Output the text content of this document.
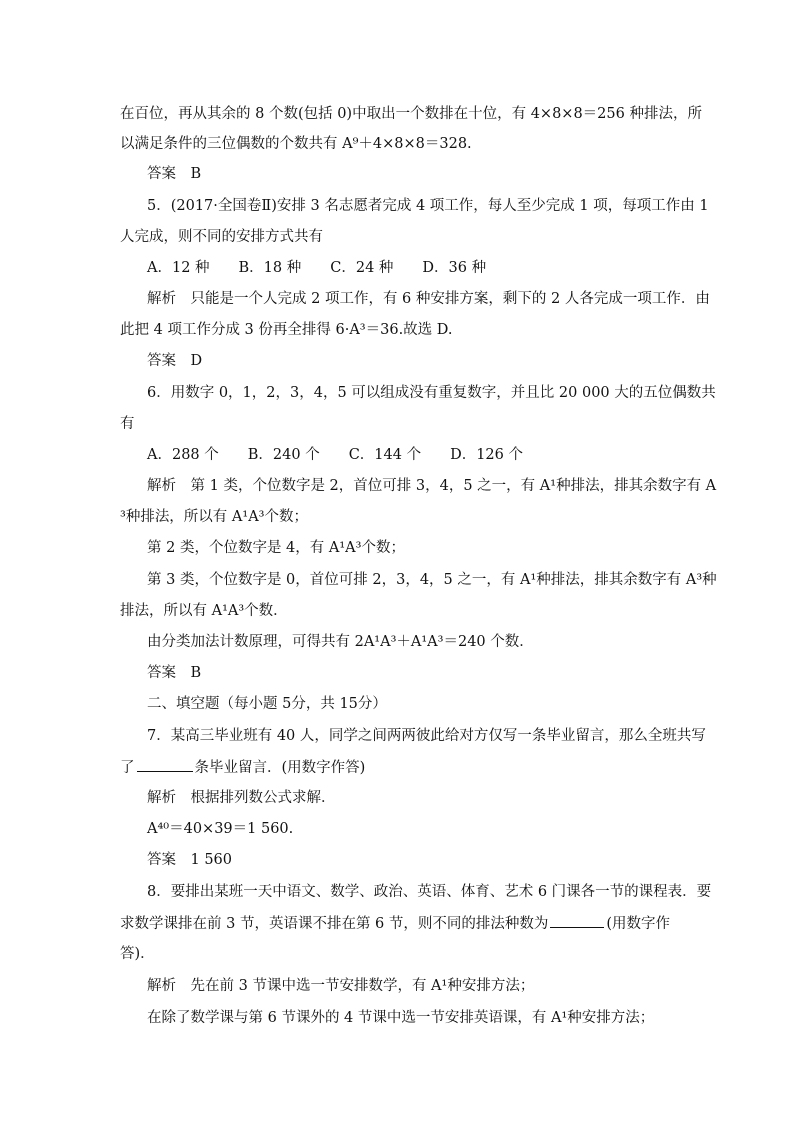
在百位，再从其余的 8 个数(包括 0)中取出一个数排在十位，有 4×8×8＝256 种排法，所
以满足条件的三位偶数的个数共有 A⁹＋4×8×8＝328.
答案　B
5．(2017·全国卷Ⅱ)安排 3 名志愿者完成 4 项工作，每人至少完成 1 项，每项工作由 1
人完成，则不同的安排方式共有
A．12 种　　B．18 种　　C．24 种　　D．36 种
解析　只能是一个人完成 2 项工作，有 6 种安排方案，剩下的 2 人各完成一项工作．由
此把 4 项工作分成 3 份再全排得 6·A³＝36.故选 D.
答案　D
6．用数字 0，1，2，3，4，5 可以组成没有重复数字，并且比 20 000 大的五位偶数共
有
A．288 个　　B．240 个　　C．144 个　　D．126 个
解析　第 1 类，个位数字是 2，首位可排 3，4，5 之一，有 A¹种排法，排其余数字有 A
³种排法，所以有 A¹A³个数；
第 2 类，个位数字是 4，有 A¹A³个数；
第 3 类，个位数字是 0，首位可排 2，3，4，5 之一，有 A¹种排法，排其余数字有 A³种
排法，所以有 A¹A³个数．
由分类加法计数原理，可得共有 2A¹A³＋A¹A³＝240 个数．
答案　B
二、填空题（每小题 5分，共 15分）
7．某高三毕业班有 40 人，同学之间两两彼此给对方仅写一条毕业留言，那么全班共写
了	条毕业留言．(用数字作答)
解析　根据排列数公式求解．
A⁴⁰＝40×39＝1 560.
答案　1 560
8．要排出某班一天中语文、数学、政治、英语、体育、艺术 6 门课各一节的课程表．要
求数学课排在前 3 节，英语课不排在第 6 节，则不同的排法种数为	(用数字作
答)．
解析　先在前 3 节课中选一节安排数学，有 A¹种安排方法；
在除了数学课与第 6 节课外的 4 节课中选一节安排英语课，有 A¹种安排方法；
